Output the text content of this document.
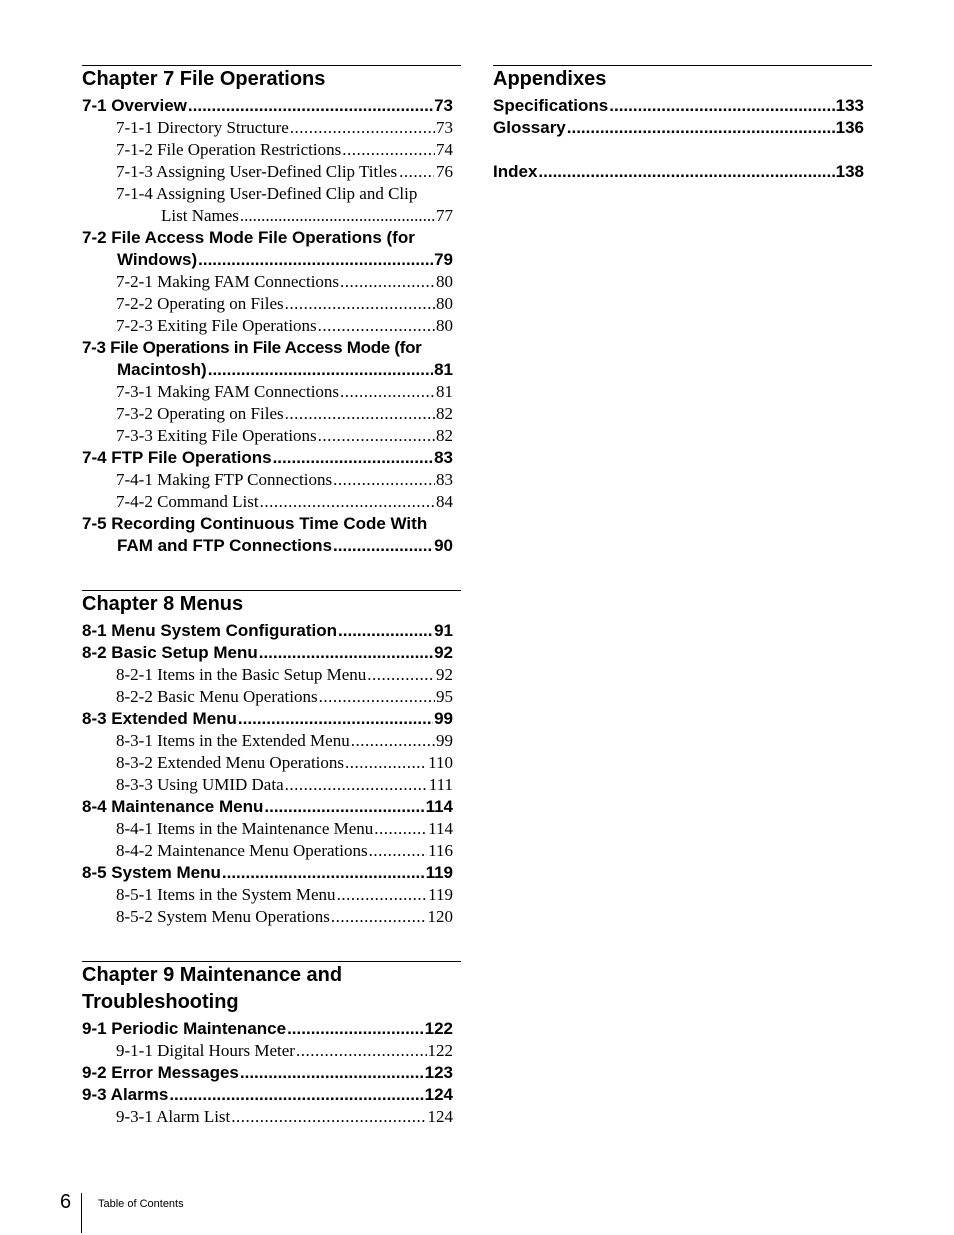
Chapter 7 File Operations
7-1 Overview .....	73
7-1-1 Directory Structure .....	73
7-1-2 File Operation Restrictions .....	74
7-1-3 Assigning User-Defined Clip Titles ..... 76
7-1-4 Assigning User-Defined Clip and Clip
List Names .....	77
7-2 File Access Mode File Operations (for
Windows) .....	79
7-2-1 Making FAM Connections .....	80
7-2-2 Operating on Files .....	80
7-2-3 Exiting File Operations .....	80
7-3 File Operations in File Access Mode (for
Macintosh) .....	81
7-3-1 Making FAM Connections .....	81
7-3-2 Operating on Files .....	82
7-3-3 Exiting File Operations .....	82
7-4 FTP File Operations .....	83
7-4-1 Making FTP Connections .....	83
7-4-2 Command List .....	84
7-5 Recording Continuous Time Code With
FAM and FTP Connections .....	90
Chapter 8 Menus
8-1 Menu System Configuration .....	91
8-2 Basic Setup Menu .....	92
8-2-1 Items in the Basic Setup Menu .....	92
8-2-2 Basic Menu Operations .....	95
8-3 Extended Menu .....	99
8-3-1 Items in the Extended Menu .....	99
8-3-2 Extended Menu Operations .....	110
8-3-3 Using UMID Data .....	111
8-4 Maintenance Menu .....	114
8-4-1 Items in the Maintenance Menu .....	114
8-4-2 Maintenance Menu Operations .....	116
8-5 System Menu .....	119
8-5-1 Items in the System Menu .....	119
8-5-2 System Menu Operations .....	120
Chapter 9 Maintenance and
Troubleshooting
9-1 Periodic Maintenance .....	122
9-1-1 Digital Hours Meter .....	122
9-2 Error Messages .....	123
9-3 Alarms .....	124
9-3-1 Alarm List .....	124
Appendixes
Specifications .....	133
Glossary .....	136
Index .....	138
6 Table of Contents
